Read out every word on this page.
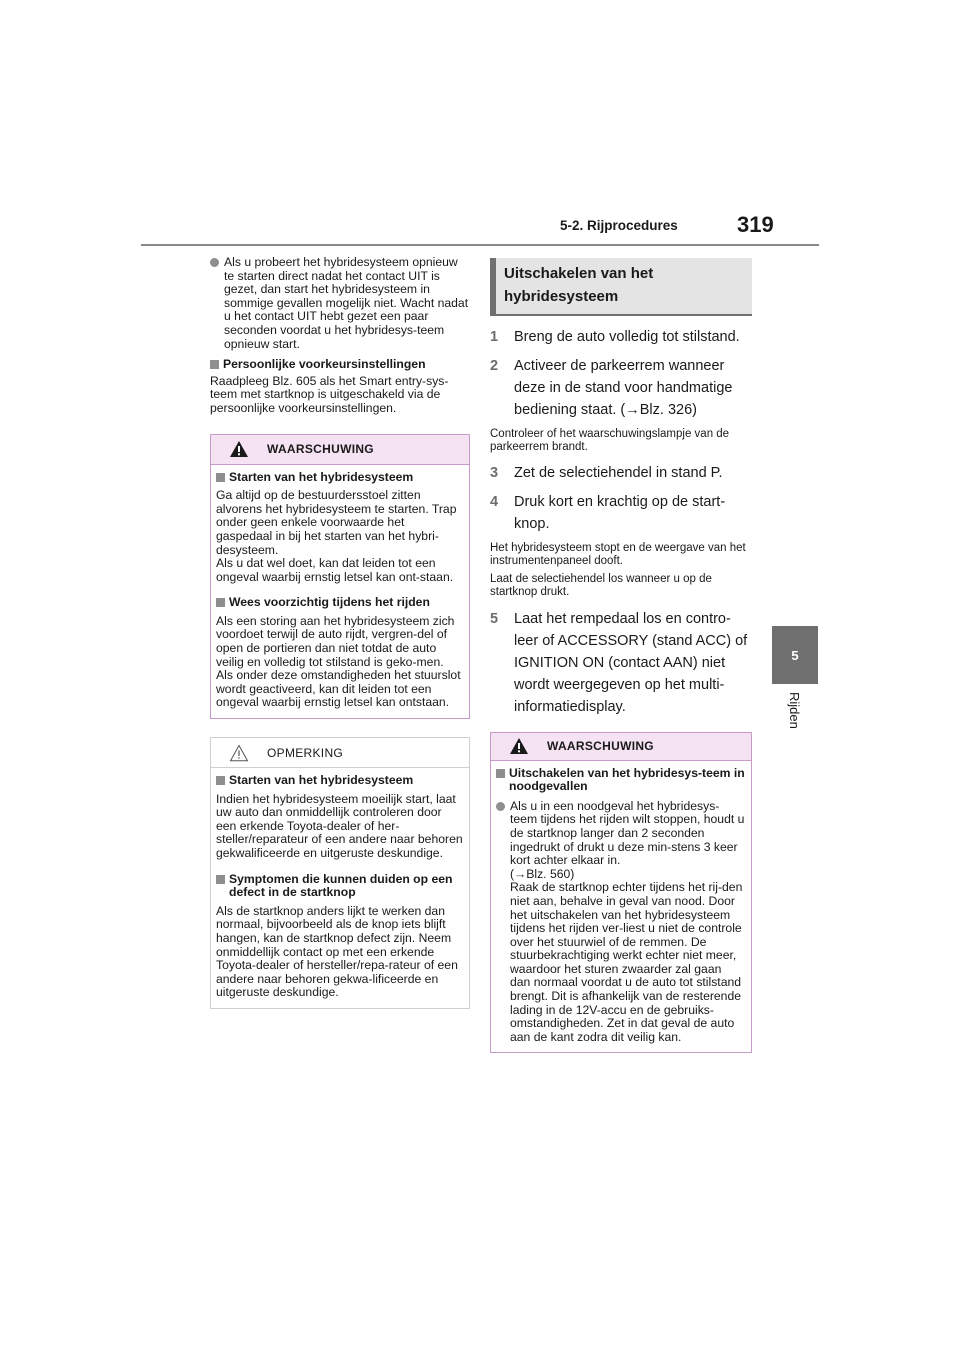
5-2. Rijprocedures	319
5
Rijden
Als u probeert het hybridesysteem opnieuw te starten direct nadat het contact UIT is gezet, dan start het hybridesysteem in sommige gevallen mogelijk niet. Wacht nadat u het contact UIT hebt gezet een paar seconden voordat u het hybridesys-teem opnieuw start.
Persoonlijke voorkeursinstellingen
Raadpleeg Blz. 605 als het Smart entry-sys-teem met startknop is uitgeschakeld via de persoonlijke voorkeursinstellingen.
WAARSCHUWING
Starten van het hybridesysteem
Ga altijd op de bestuurdersstoel zitten alvorens het hybridesysteem te starten. Trap onder geen enkele voorwaarde het gaspedaal in bij het starten van het hybri-desysteem.
Als u dat wel doet, kan dat leiden tot een ongeval waarbij ernstig letsel kan ont-staan.
Wees voorzichtig tijdens het rijden
Als een storing aan het hybridesysteem zich voordoet terwijl de auto rijdt, vergren-del of open de portieren dan niet totdat de auto veilig en volledig tot stilstand is geko-men. Als onder deze omstandigheden het stuurslot wordt geactiveerd, kan dit leiden tot een ongeval waarbij ernstig letsel kan ontstaan.
OPMERKING
Starten van het hybridesysteem
Indien het hybridesysteem moeilijk start, laat uw auto dan onmiddellijk controleren door een erkende Toyota-dealer of her-steller/reparateur of een andere naar behoren gekwalificeerde en uitgeruste deskundige.
Symptomen die kunnen duiden op een defect in de startknop
Als de startknop anders lijkt te werken dan normaal, bijvoorbeeld als de knop iets blijft hangen, kan de startknop defect zijn. Neem onmiddellijk contact op met een erkende Toyota-dealer of hersteller/repa-rateur of een andere naar behoren gekwa-lificeerde en uitgeruste deskundige.
Uitschakelen van het hybridesysteem
1	Breng de auto volledig tot stilstand.
2	Activeer de parkeerrem wanneer deze in de stand voor handmatige bediening staat. (→Blz. 326)
Controleer of het waarschuwingslampje van de parkeerrem brandt.
3	Zet de selectiehendel in stand P.
4	Druk kort en krachtig op de start-knop.
Het hybridesysteem stopt en de weergave van het instrumentenpaneel dooft.
Laat de selectiehendel los wanneer u op de startknop drukt.
5	Laat het rempedaal los en contro-leer of ACCESSORY (stand ACC) of IGNITION ON (contact AAN) niet wordt weergegeven op het multi-informatiedisplay.
WAARSCHUWING
Uitschakelen van het hybridesys-teem in noodgevallen
Als u in een noodgeval het hybridesys-teem tijdens het rijden wilt stoppen, houdt u de startknop langer dan 2 seconden ingedrukt of drukt u deze min-stens 3 keer kort achter elkaar in.
(→Blz. 560)
Raak de startknop echter tijdens het rij-den niet aan, behalve in geval van nood. Door het uitschakelen van het hybridesysteem tijdens het rijden ver-liest u niet de controle over het stuurwiel of de remmen. De stuurbekrachtiging werkt echter niet meer, waardoor het sturen zwaarder zal gaan dan normaal voordat u de auto tot stilstand brengt. Dit is afhankelijk van de resterende lading in de 12V-accu en de gebruiks-omstandigheden. Zet in dat geval de auto aan de kant zodra dit veilig kan.
